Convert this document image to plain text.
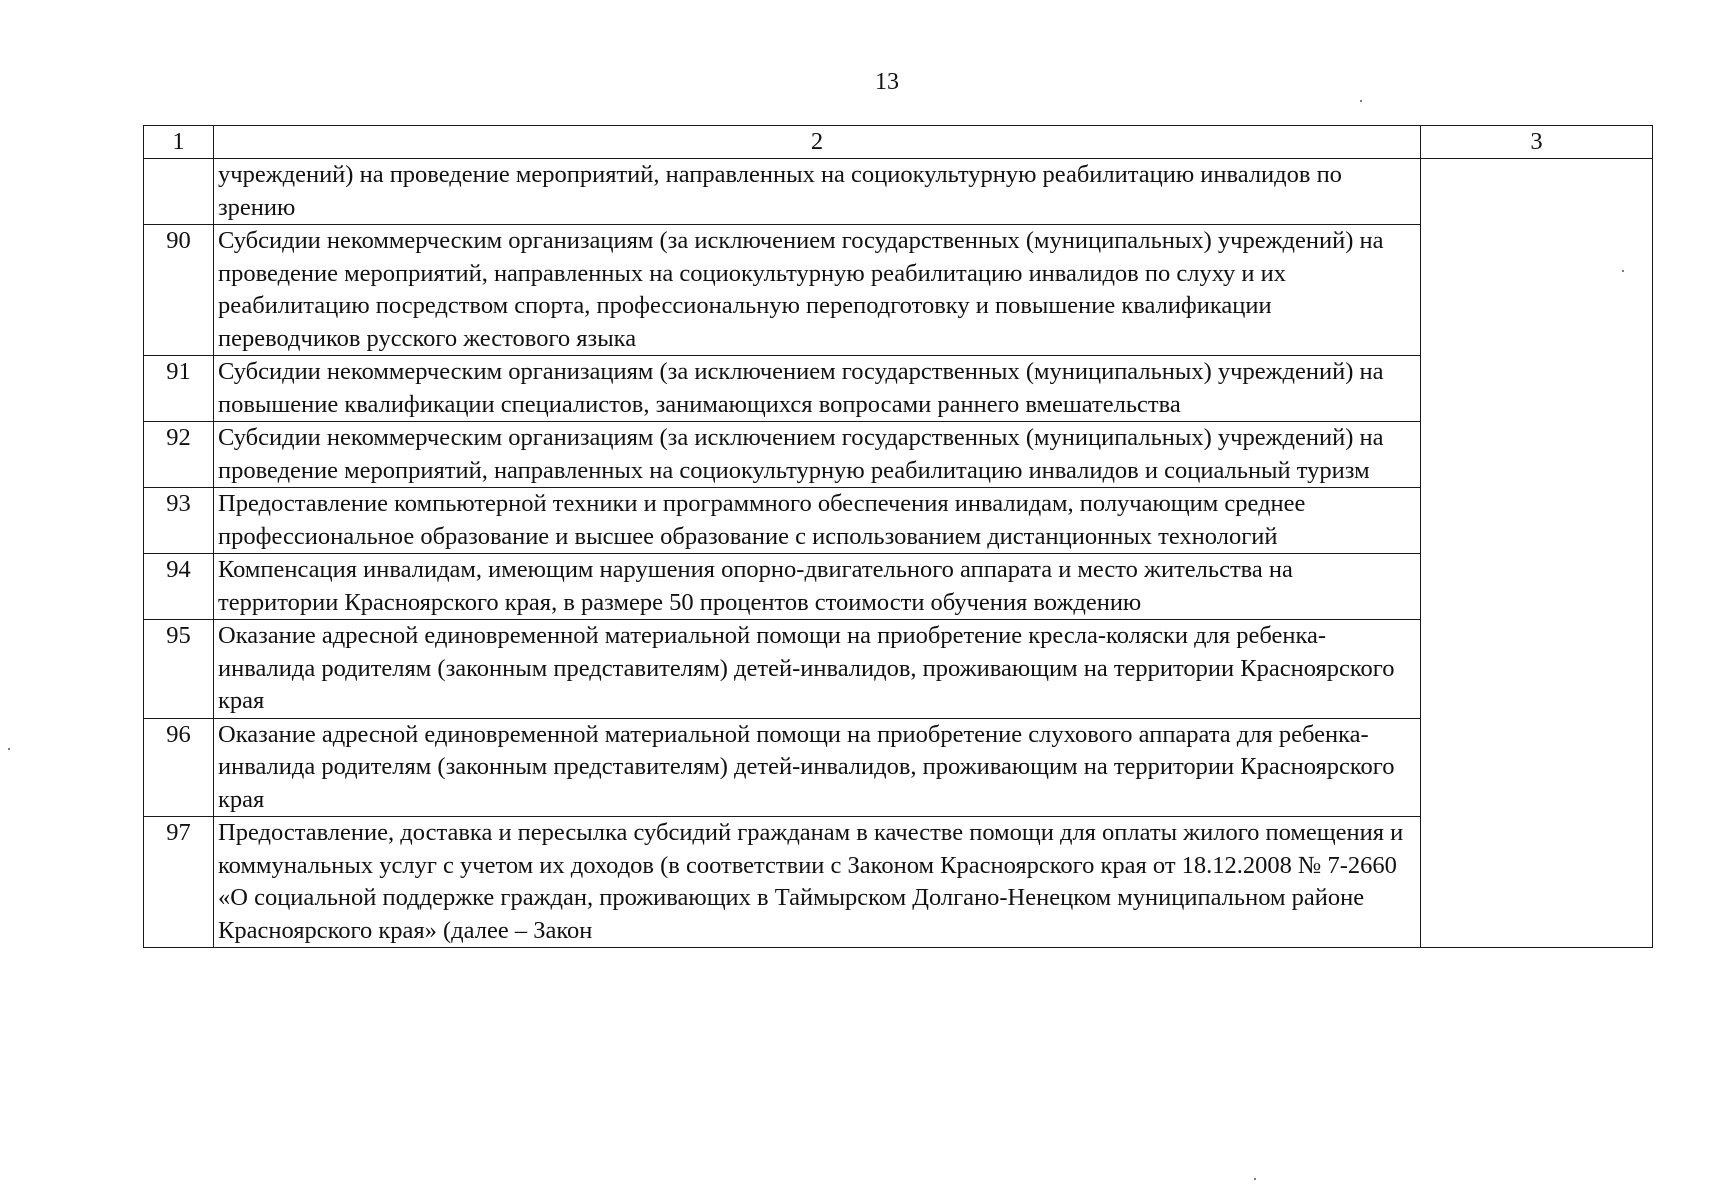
13
1	2	3
	учреждений) на проведение мероприятий, направленных на социокультурную реабилитацию инвалидов по зрению	
90	Субсидии некоммерческим организациям (за исключением государственных (муниципальных) учреждений) на проведение мероприятий, направленных на социокультурную реабилитацию инвалидов по слуху и их реабилитацию посредством спорта, профессиональную переподготовку и повышение квалификации переводчиков русского жестового языка	
91	Субсидии некоммерческим организациям (за исключением государственных (муниципальных) учреждений) на повышение квалификации специалистов, занимающихся вопросами раннего вмешательства	
92	Субсидии некоммерческим организациям (за исключением государственных (муниципальных) учреждений) на проведение мероприятий, направленных на социокультурную реабилитацию инвалидов и социальный туризм	
93	Предоставление компьютерной техники и программного обеспечения инвалидам, получающим среднее профессиональное образование и высшее образование с использованием дистанционных технологий	
94	Компенсация инвалидам, имеющим нарушения опорно-двигательного аппарата и место жительства на территории Красноярского края, в размере 50 процентов стоимости обучения вождению	
95	Оказание адресной единовременной материальной помощи на приобретение кресла-коляски для ребенка-инвалида родителям (законным представителям) детей-инвалидов, проживающим на территории Красноярского края	
96	Оказание адресной единовременной материальной помощи на приобретение слухового аппарата для ребенка-инвалида родителям (законным представителям) детей-инвалидов, проживающим на территории Красноярского края	
97	Предоставление, доставка и пересылка субсидий гражданам в качестве помощи для оплаты жилого помещения и коммунальных услуг с учетом их доходов (в соответствии с Законом Красноярского края от 18.12.2008 № 7-2660 «О социальной поддержке граждан, проживающих в Таймырском Долгано-Ненецком муниципальном районе Красноярского края» (далее – Закон	
